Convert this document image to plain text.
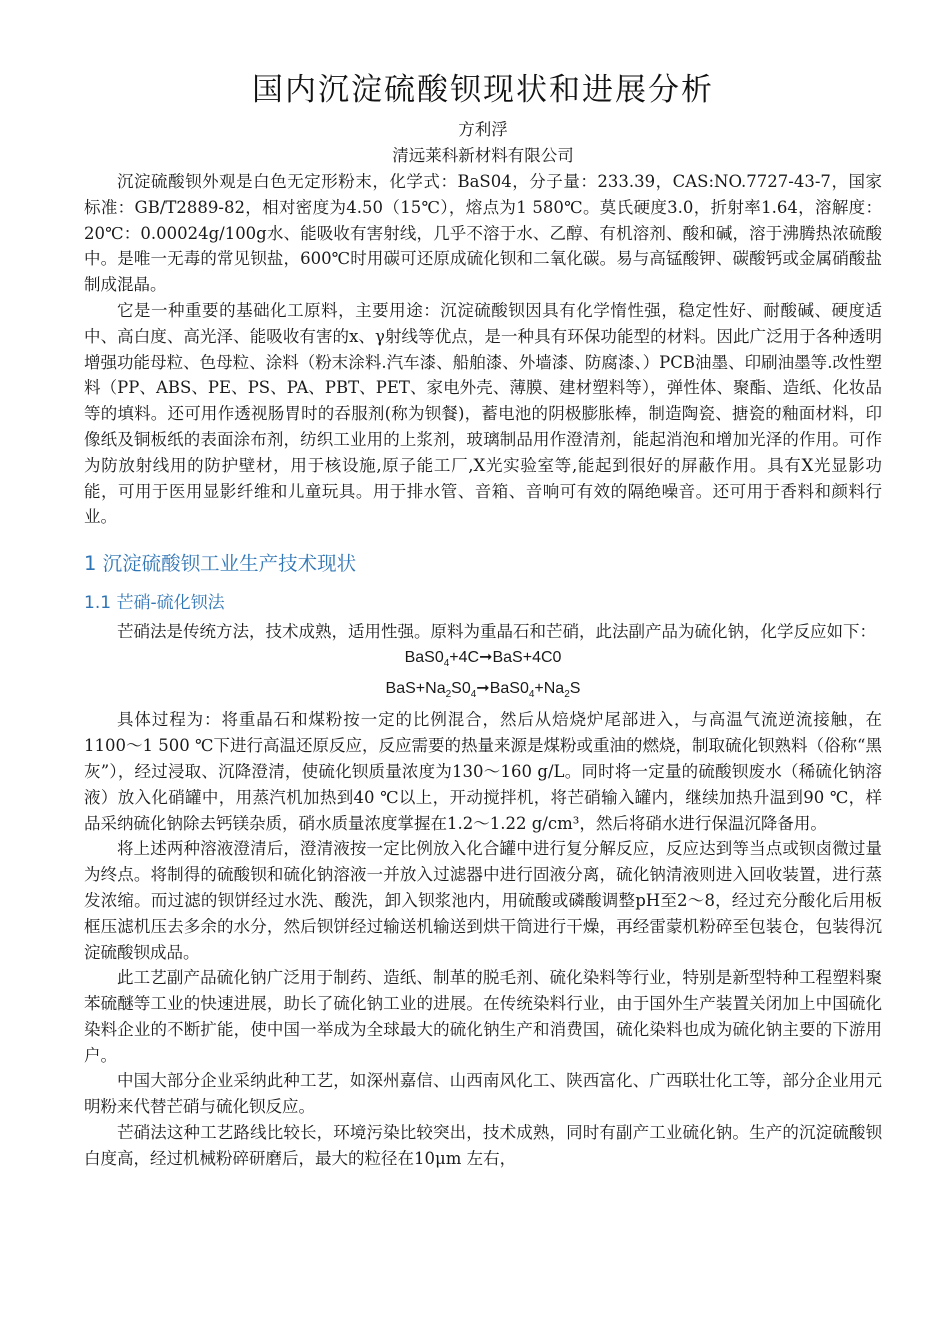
国内沉淀硫酸钡现状和进展分析

方利浮

清远莱科新材料有限公司

沉淀硫酸钡外观是白色无定形粉末，化学式：BaS04，分子量：233.39，CAS:NO.7727-43-7，国家标准：GB/T2889-82，相对密度为4.50（15℃），熔点为1 580℃。莫氏硬度3.0，折射率1.64，溶解度：20℃：0.00024g/100g水、能吸收有害射线，几乎不溶于水、乙醇、有机溶剂、酸和碱，溶于沸腾热浓硫酸中。是唯一无毒的常见钡盐，600℃时用碳可还原成硫化钡和二氧化碳。易与高锰酸钾、碳酸钙或金属硝酸盐制成混晶。

它是一种重要的基础化工原料，主要用途：沉淀硫酸钡因具有化学惰性强，稳定性好、耐酸碱、硬度适中、高白度、高光泽、能吸收有害的x、γ射线等优点，是一种具有环保功能型的材料。因此广泛用于各种透明增强功能母粒、色母粒、涂料（粉末涂料.汽车漆、船舶漆、外墙漆、防腐漆、）PCB油墨、印刷油墨等.改性塑料（PP、ABS、PE、PS、PA、PBT、PET、家电外壳、薄膜、建材塑料等），弹性体、聚酯、造纸、化妆品等的填料。还可用作透视肠胃时的吞服剂(称为钡餐)，蓄电池的阴极膨胀棒，制造陶瓷、搪瓷的釉面材料，印像纸及铜板纸的表面涂布剂，纺织工业用的上浆剂，玻璃制品用作澄清剂，能起消泡和增加光泽的作用。可作为防放射线用的防护壁材，用于核设施,原子能工厂,X光实验室等,能起到很好的屏蔽作用。具有X光显影功能，可用于医用显影纤维和儿童玩具。用于排水管、音箱、音响可有效的隔绝噪音。还可用于香料和颜料行业。

1 沉淀硫酸钡工业生产技术现状
1.1 芒硝-硫化钡法

芒硝法是传统方法，技术成熟，适用性强。原料为重晶石和芒硝，此法副产品为硫化钠，化学反应如下：

$BaS0_4+4C➞BaS+4C0$
$BaS+Na_2S0_4➞BaS0_4+Na_2S$

具体过程为：将重晶石和煤粉按一定的比例混合，然后从焙烧炉尾部进入，与高温气流逆流接触，在1100～1 500 ℃下进行高温还原反应，反应需要的热量来源是煤粉或重油的燃烧，制取硫化钡熟料（俗称“黑灰”），经过浸取、沉降澄清，使硫化钡质量浓度为130～160 g/L。同时将一定量的硫酸钡废水（稀硫化钠溶液）放入化硝罐中，用蒸汽机加热到40 ℃以上，开动搅拌机，将芒硝输入罐内，继续加热升温到90 ℃，样品采纳硫化钠除去钙镁杂质，硝水质量浓度掌握在1.2～1.22 g/cm³，然后将硝水进行保温沉降备用。

将上述两种溶液澄清后，澄清液按一定比例放入化合罐中进行复分解反应，反应达到等当点或钡卤微过量为终点。将制得的硫酸钡和硫化钠溶液一并放入过滤器中进行固液分离，硫化钠清液则进入回收装置，进行蒸发浓缩。而过滤的钡饼经过水洗、酸洗，卸入钡浆池内，用硫酸或磷酸调整pH至2～8，经过充分酸化后用板框压滤机压去多余的水分，然后钡饼经过输送机输送到烘干筒进行干燥，再经雷蒙机粉碎至包装仓，包装得沉淀硫酸钡成品。

此工艺副产品硫化钠广泛用于制药、造纸、制革的脱毛剂、硫化染料等行业，特别是新型特种工程塑料聚苯硫醚等工业的快速进展，助长了硫化钠工业的进展。在传统染料行业，由于国外生产装置关闭加上中国硫化染料企业的不断扩能，使中国一举成为全球最大的硫化钠生产和消费国，硫化染料也成为硫化钠主要的下游用户。

中国大部分企业采纳此种工艺，如深州嘉信、山西南风化工、陕西富化、广西联壮化工等，部分企业用元明粉来代替芒硝与硫化钡反应。

芒硝法这种工艺路线比较长，环境污染比较突出，技术成熟，同时有副产工业硫化钠。生产的沉淀硫酸钡白度高，经过机械粉碎研磨后，最大的粒径在10μm 左右，
